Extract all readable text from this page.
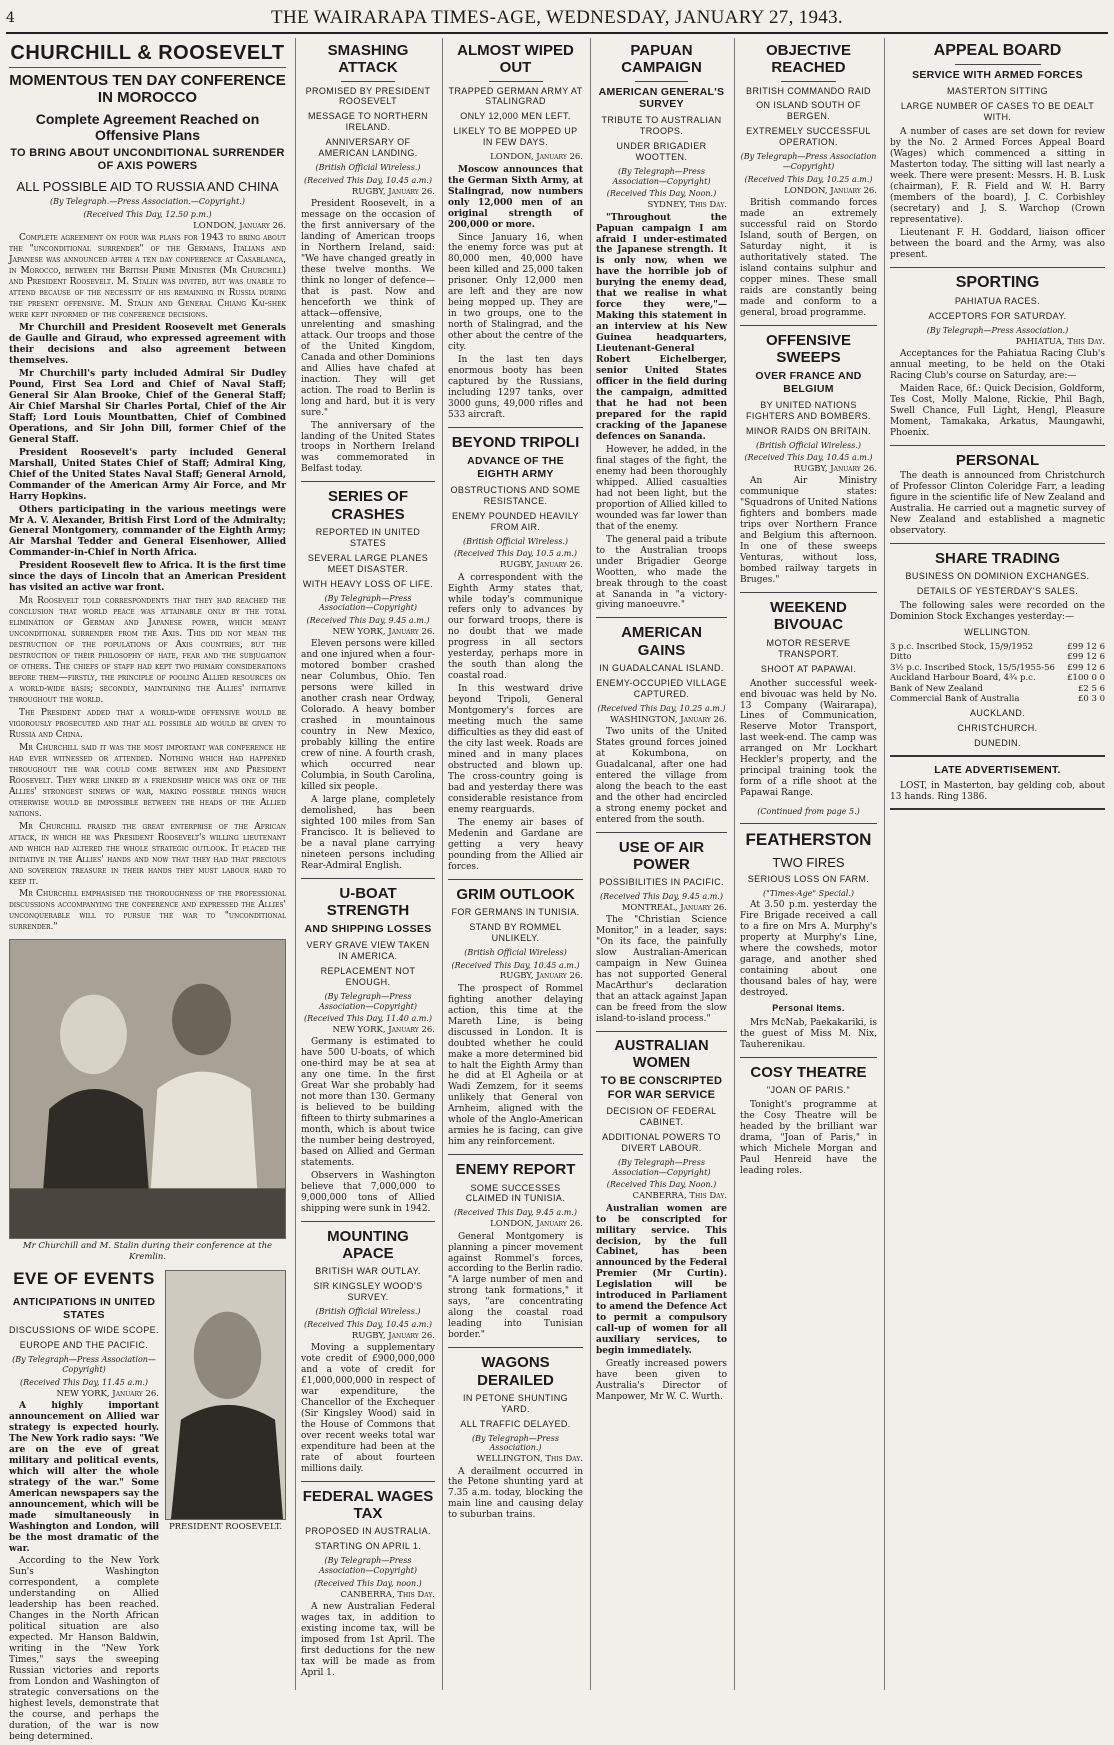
4	THE WAIRARAPA TIMES-AGE, WEDNESDAY, JANUARY 27, 1943.
CHURCHILL & ROOSEVELT
MOMENTOUS TEN DAY CONFERENCE IN MOROCCO
Complete Agreement Reached on Offensive Plans
TO BRING ABOUT UNCONDITIONAL SURRENDER OF AXIS POWERS
ALL POSSIBLE AID TO RUSSIA AND CHINA
(By Telegraph.—Press Association.—Copyright.)
(Received This Day, 12.50 p.m.)
LONDON, January 26.

Complete agreement on four war plans for 1943 to bring about the "unconditional surrender" of the Germans, Italians and Japanese was announced after a ten day conference at Casablanca, in Morocco, between the British Prime Minister (Mr Churchill) and President Roosevelt. M. Stalin was invited, but was unable to attend because of the necessity of his remaining in Russia during the present offensive. M. Stalin and General Chiang Kai-shek were kept informed of the conference decisions.

Mr Churchill and President Roosevelt met Generals de Gaulle and Giraud, who expressed agreement with their decisions and also agreement between themselves.

Mr Churchill's party included Admiral Sir Dudley Pound, First Sea Lord and Chief of Naval Staff; General Sir Alan Brooke, Chief of the General Staff; Air Chief Marshal Sir Charles Portal, Chief of the Air Staff; Lord Louis Mountbatten, Chief of Combined Operations, and Sir John Dill, former Chief of the General Staff.

President Roosevelt's party included General Marshall, United States Chief of Staff; Admiral King, Chief of the United States Naval Staff; General Arnold, Commander of the American Army Air Force, and Mr Harry Hopkins.

Others participating in the various meetings were Mr A. V. Alexander, British First Lord of the Admiralty; General Montgomery, commander of the Eighth Army; Air Marshal Tedder and General Eisenhower, Allied Commander-in-Chief in North Africa.

President Roosevelt flew to Africa. It is the first time since the days of Lincoln that an American President has visited an active war front.

Mr Roosevelt told correspondents that they had reached the conclusion that world peace was attainable only by the total elimination of German and Japanese power, which meant unconditional surrender from the Axis. This did not mean the destruction of the populations of Axis countries, but the destruction of their philosophy of hate, fear and the subjugation of others. The chiefs of staff had kept two primary considerations before them—firstly, the principle of pooling Allied resources on a world-wide basis; secondly, maintaining the Allies' initiative throughout the world.

The President added that a world-wide offensive would be vigorously prosecuted and that all possible aid would be given to Russia and China.

Mr Churchill said it was the most important war conference he had ever witnessed or attended. Nothing which had happened throughout the war could come between him and President Roosevelt. They were linked by a friendship which was one of the Allies' strongest sinews of war, making possible things which otherwise would be impossible between the heads of the Allied nations.

Mr Churchill praised the great enterprise of the African attack, in which he was President Roosevelt's willing lieutenant and which had altered the whole strategic outlook. It placed the initiative in the Allies' hands and now that they had that precious and sovereign treasure in their hands they must labour hard to keep it.

Mr Churchill emphasised the thoroughness of the professional discussions accompanying the conference and expressed the Allies' unconquerable will to pursue the war to "unconditional surrender."

Mr Churchill and M. Stalin during their conference at the Kremlin.
EVE OF EVENTS
ANTICIPATIONS IN UNITED STATES
DISCUSSIONS OF WIDE SCOPE.
EUROPE AND THE PACIFIC.
(By Telegraph—Press Association—Copyright)
(Received This Day, 11.45 a.m.)
NEW YORK, January 26.

A highly important announcement on Allied war strategy is expected hourly. The New York radio says: "We are on the eve of great military and political events, which will alter the whole strategy of the war." Some American newspapers say the announcement, which will be made simultaneously in Washington and London, will be the most dramatic of the war.

According to the New York Sun's Washington correspondent, a complete understanding on Allied leadership has been reached. Changes in the North African political situation are also expected. Mr Hanson Baldwin, writing in the "New York Times," says the sweeping Russian victories and reports from London and Washington of strategic conversations on the highest levels, demonstrate that the course, and perhaps the duration, of the war is now being determined.

PRESIDENT ROOSEVELT.
SMASHING ATTACK
PROMISED BY PRESIDENT ROOSEVELT
MESSAGE TO NORTHERN IRELAND.
ANNIVERSARY OF AMERICAN LANDING.
(British Official Wireless.)
(Received This Day, 10.45 a.m.)
RUGBY, January 26.

President Roosevelt, in a message on the occasion of the first anniversary of the landing of American troops in Northern Ireland, said: "We have changed greatly in these twelve months. We think no longer of defence—that is past. Now and henceforth we think of attack—offensive, unrelenting and smashing attack. Our troops and those of the United Kingdom, Canada and other Dominions and Allies have chafed at inaction. They will get action. The road to Berlin is long and hard, but it is very sure."

The anniversary of the landing of the United States troops in Northern Ireland was commemorated in Belfast today.

SERIES OF CRASHES
REPORTED IN UNITED STATES
SEVERAL LARGE PLANES MEET DISASTER.
WITH HEAVY LOSS OF LIFE.
(By Telegraph—Press Association—Copyright)
(Received This Day, 9.45 a.m.)
NEW YORK, January 26.

Eleven persons were killed and one injured when a four-motored bomber crashed near Columbus, Ohio. Ten persons were killed in another crash near Ordway, Colorado. A heavy bomber crashed in mountainous country in New Mexico, probably killing the entire crew of nine. A fourth crash, which occurred near Columbia, in South Carolina, killed six people.

A large plane, completely demolished, has been sighted 100 miles from San Francisco. It is believed to be a naval plane carrying nineteen persons including Rear-Admiral English.

U-BOAT STRENGTH
AND SHIPPING LOSSES
VERY GRAVE VIEW TAKEN IN AMERICA.
REPLACEMENT NOT ENOUGH.
(By Telegraph—Press Association—Copyright)
(Received This Day, 11.40 a.m.)
NEW YORK, January 26.

Germany is estimated to have 500 U-boats, of which one-third may be at sea at any one time. In the first Great War she probably had not more than 130. Germany is believed to be building fifteen to thirty submarines a month, which is about twice the number being destroyed, based on Allied and German statements.

Observers in Washington believe that 7,000,000 to 9,000,000 tons of Allied shipping were sunk in 1942.

MOUNTING APACE
BRITISH WAR OUTLAY.
SIR KINGSLEY WOOD'S SURVEY.
(British Official Wireless.)
(Received This Day, 10.45 a.m.)
RUGBY, January 26.

Moving a supplementary vote credit of £900,000,000 and a vote of credit for £1,000,000,000 in respect of war expenditure, the Chancellor of the Exchequer (Sir Kingsley Wood) said in the House of Commons that over recent weeks total war expenditure had been at the rate of about fourteen millions daily.

FEDERAL WAGES TAX
PROPOSED IN AUSTRALIA.
STARTING ON APRIL 1.
(By Telegraph—Press Association—Copyright)
(Received This Day, noon.)
CANBERRA, This Day.

A new Australian Federal wages tax, in addition to existing income tax, will be imposed from 1st April. The first deductions for the new tax will be made as from April 1.

ALMOST WIPED OUT
TRAPPED GERMAN ARMY AT STALINGRAD
ONLY 12,000 MEN LEFT.
LIKELY TO BE MOPPED UP IN FEW DAYS.
LONDON, January 26.

Moscow announces that the German Sixth Army, at Stalingrad, now numbers only 12,000 men of an original strength of 200,000 or more.

Since January 16, when the enemy force was put at 80,000 men, 40,000 have been killed and 25,000 taken prisoner. Only 12,000 men are left and they are now being mopped up. They are in two groups, one to the north of Stalingrad, and the other about the centre of the city.

In the last ten days enormous booty has been captured by the Russians, including 1297 tanks, over 3000 guns, 49,000 rifles and 533 aircraft.

BEYOND TRIPOLI
ADVANCE OF THE EIGHTH ARMY
OBSTRUCTIONS AND SOME RESISTANCE.
ENEMY POUNDED HEAVILY FROM AIR.
(British Official Wireless.)
(Received This Day, 10.5 a.m.)
RUGBY, January 26.

A correspondent with the Eighth Army states that, while today's communique refers only to advances by our forward troops, there is no doubt that we made progress in all sectors yesterday, perhaps more in the south than along the coastal road.

In this westward drive beyond Tripoli, General Montgomery's forces are meeting much the same difficulties as they did east of the city last week. Roads are mined and in many places obstructed and blown up. The cross-country going is bad and yesterday there was considerable resistance from enemy rearguards.

The enemy air bases of Medenin and Gardane are getting a very heavy pounding from the Allied air forces.

GRIM OUTLOOK
FOR GERMANS IN TUNISIA.
STAND BY ROMMEL UNLIKELY.
(British Official Wireless)
(Received This Day, 10.45 a.m.)
RUGBY, January 26.

The prospect of Rommel fighting another delaying action, this time at the Mareth Line, is being discussed in London. It is doubted whether he could make a more determined bid to halt the Eighth Army than he did at El Agheila or at Wadi Zemzem, for it seems unlikely that General von Arnheim, aligned with the whole of the Anglo-American armies he is facing, can give him any reinforcement.

ENEMY REPORT
SOME SUCCESSES CLAIMED IN TUNISIA.
(Received This Day, 9.45 a.m.)
LONDON, January 26.

General Montgomery is planning a pincer movement against Rommel's forces, according to the Berlin radio. "A large number of men and strong tank formations," it says, "are concentrating along the coastal road leading into Tunisian border."

WAGONS DERAILED
IN PETONE SHUNTING YARD.
ALL TRAFFIC DELAYED.
(By Telegraph—Press Association.)
WELLINGTON, This Day.

A derailment occurred in the Petone shunting yard at 7.35 a.m. today, blocking the main line and causing delay to suburban trains.

PAPUAN CAMPAIGN
AMERICAN GENERAL'S SURVEY
TRIBUTE TO AUSTRALIAN TROOPS.
UNDER BRIGADIER WOOTTEN.
(By Telegraph—Press Association—Copyright)
(Received This Day, Noon.)
SYDNEY, This Day.

"Throughout the Papuan campaign I am afraid I under-estimated the Japanese strength. It is only now, when we have the horrible job of burying the enemy dead, that we realise in what force they were,"—Making this statement in an interview at his New Guinea headquarters, Lieutenant-General Robert Eichelberger, senior United States officer in the field during the campaign, admitted that he had not been prepared for the rapid cracking of the Japanese defences on Sananda.

However, he added, in the final stages of the fight, the enemy had been thoroughly whipped. Allied casualties had not been light, but the proportion of Allied killed to wounded was far lower than that of the enemy.

The general paid a tribute to the Australian troops under Brigadier George Wootten, who made the break through to the coast at Sananda in "a victory-giving manoeuvre."

AMERICAN GAINS
IN GUADALCANAL ISLAND.
ENEMY-OCCUPIED VILLAGE CAPTURED.
(Received This Day, 10.25 a.m.)
WASHINGTON, January 26.

Two units of the United States ground forces joined at Kokumbona, on Guadalcanal, after one had entered the village from along the beach to the east and the other had encircled a strong enemy pocket and entered from the south.

USE OF AIR POWER
POSSIBILITIES IN PACIFIC.
(Received This Day, 9.45 a.m.)
MONTREAL, January 26.

The "Christian Science Monitor," in a leader, says: "On its face, the painfully slow Australian-American campaign in New Guinea has not supported General MacArthur's declaration that an attack against Japan can be freed from the slow island-to-island process."

AUSTRALIAN WOMEN
TO BE CONSCRIPTED FOR WAR SERVICE
DECISION OF FEDERAL CABINET.
ADDITIONAL POWERS TO DIVERT LABOUR.
(By Telegraph—Press Association—Copyright)
(Received This Day, Noon.)
CANBERRA, This Day.

Australian women are to be conscripted for military service. This decision, by the full Cabinet, has been announced by the Federal Premier (Mr Curtin). Legislation will be introduced in Parliament to amend the Defence Act to permit a compulsory call-up of women for all auxiliary services, to begin immediately.

Greatly increased powers have been given to Australia's Director of Manpower, Mr W. C. Wurth.

OBJECTIVE REACHED
BRITISH COMMANDO RAID
ON ISLAND SOUTH OF BERGEN.
EXTREMELY SUCCESSFUL OPERATION.
(By Telegraph—Press Association—Copyright)
(Received This Day, 10.25 a.m.)
LONDON, January 26.

British commando forces made an extremely successful raid on Stordo Island, south of Bergen, on Saturday night, it is authoritatively stated. The island contains sulphur and copper mines. These small raids are constantly being made and conform to a general, broad programme.

OFFENSIVE SWEEPS
OVER FRANCE AND BELGIUM
BY UNITED NATIONS FIGHTERS AND BOMBERS.
MINOR RAIDS ON BRITAIN.
(British Official Wireless.)
(Received This Day, 10.45 a.m.)
RUGBY, January 26.

An Air Ministry communique states: "Squadrons of United Nations fighters and bombers made trips over Northern France and Belgium this afternoon. In one of these sweeps Venturas, without loss, bombed railway targets in Bruges."

WEEKEND BIVOUAC
MOTOR RESERVE TRANSPORT.
SHOOT AT PAPAWAI.

Another successful week-end bivouac was held by No. 13 Company (Wairarapa), Lines of Communication, Reserve Motor Transport, last week-end. The camp was arranged on Mr Lockhart Heckler's property, and the principal training took the form of a rifle shoot at the Papawai Range.

(Continued from page 5.)
FEATHERSTON
TWO FIRES
SERIOUS LOSS ON FARM.
("Times-Age" Special.)

At 3.50 p.m. yesterday the Fire Brigade received a call to a fire on Mrs A. Murphy's property at Murphy's Line, where the cowsheds, motor garage, and another shed containing about one thousand bales of hay, were destroyed.

Personal Items.

Mrs McNab, Paekakariki, is the guest of Miss M. Nix, Tauherenikau.

COSY THEATRE
"JOAN OF PARIS."

Tonight's programme at the Cosy Theatre will be headed by the brilliant war drama, "Joan of Paris," in which Michele Morgan and Paul Henreid have the leading roles.

APPEAL BOARD
SERVICE WITH ARMED FORCES
MASTERTON SITTING
LARGE NUMBER OF CASES TO BE DEALT WITH.

A number of cases are set down for review by the No. 2 Armed Forces Appeal Board (Wages) which commenced a sitting in Masterton today. The sitting will last nearly a week. There were present: Messrs. H. B. Lusk (chairman), F. R. Field and W. H. Barry (members of the board), J. C. Corbishley (secretary) and J. S. Warchop (Crown representative).

Lieutenant F. H. Goddard, liaison officer between the board and the Army, was also present.

SPORTING
PAHIATUA RACES.
ACCEPTORS FOR SATURDAY.
(By Telegraph—Press Association.)
PAHIATUA, This Day.

Acceptances for the Pahiatua Racing Club's annual meeting, to be held on the Otaki Racing Club's course on Saturday, are:—

Maiden Race, 6f.: Quick Decision, Goldform, Tes Cost, Molly Malone, Rickie, Phil Bagh, Swell Chance, Full Light, Hengl, Pleasure Moment, Tamakaka, Arkatus, Maungawhi, Phoenix.

PERSONAL

The death is announced from Christchurch of Professor Clinton Coleridge Farr, a leading figure in the scientific life of New Zealand and Australia. He carried out a magnetic survey of New Zealand and established a magnetic observatory.

SHARE TRADING
BUSINESS ON DOMINION EXCHANGES.
DETAILS OF YESTERDAY'S SALES.

The following sales were recorded on the Dominion Stock Exchanges yesterday:—

WELLINGTON.
3 p.c. Inscribed Stock, 15/9/1952	£99 12 6
Ditto	£99 12 6
3½ p.c. Inscribed Stock, 15/5/1955-56 £99 12 6
Auckland Harbour Board, 4¾ p.c.	£100 0 0
Bank of New Zealand	£2 5 6
Commercial Bank of Australia	£0 3 0
AUCKLAND.
CHRISTCHURCH.
DUNEDIN.
LATE ADVERTISEMENT.

LOST, in Masterton, bay gelding cob, about 13 hands. Ring 1386.
